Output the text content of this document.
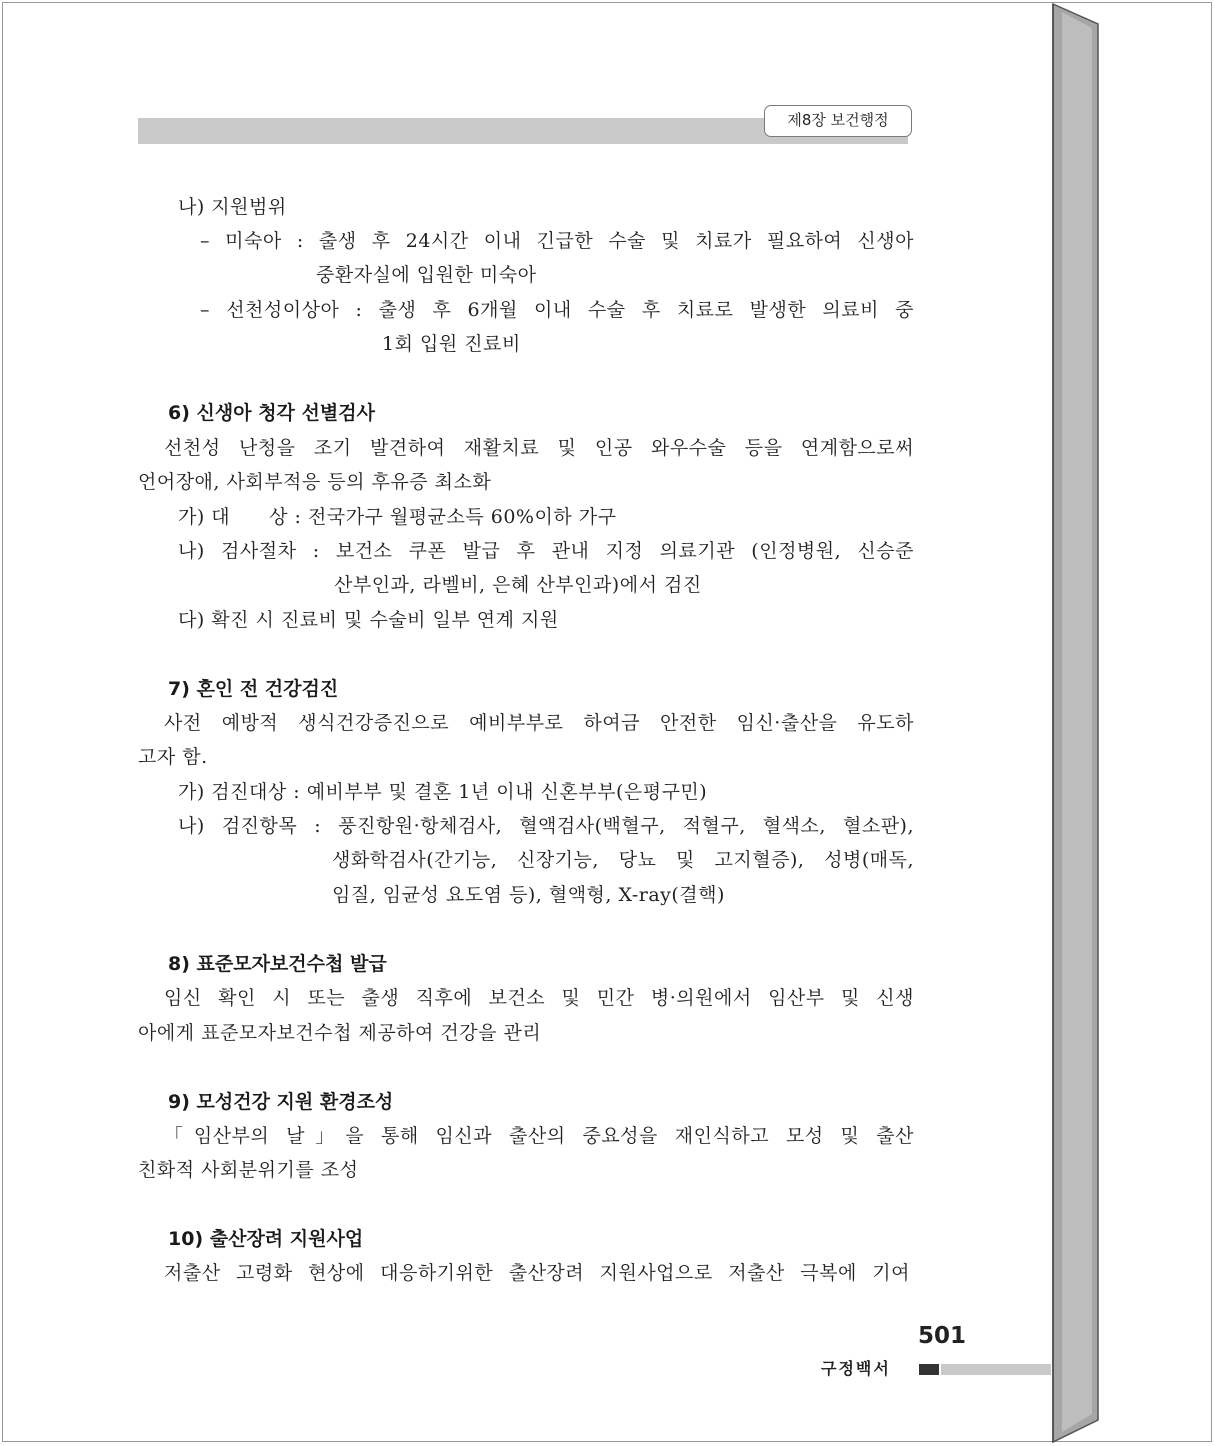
제8장 보건행정
나) 지원범위
– 미숙아 : 출생 후 24시간 이내 긴급한 수술 및 치료가 필요하여 신생아
중환자실에 입원한 미숙아
– 선천성이상아 : 출생 후 6개월 이내 수술 후 치료로 발생한 의료비 중
1회 입원 진료비
6) 신생아 청각 선별검사
선천성 난청을 조기 발견하여 재활치료 및 인공 와우수술 등을 연계함으로써
언어장애, 사회부적응 등의 후유증 최소화
가) 대　　상 : 전국가구 월평균소득 60%이하 가구
나) 검사절차 : 보건소 쿠폰 발급 후 관내 지정 의료기관 (인정병원, 신승준
산부인과, 라벨비, 은혜 산부인과)에서 검진
다) 확진 시 진료비 및 수술비 일부 연계 지원
7) 혼인 전 건강검진
사전 예방적 생식건강증진으로 예비부부로 하여금 안전한 임신·출산을 유도하
고자 함.
가) 검진대상 : 예비부부 및 결혼 1년 이내 신혼부부(은평구민)
나) 검진항목 : 풍진항원·항체검사, 혈액검사(백혈구, 적혈구, 혈색소, 혈소판),
생화학검사(간기능, 신장기능, 당뇨 및 고지혈증), 성병(매독,
임질, 임균성 요도염 등), 혈액형, X-ray(결핵)
8) 표준모자보건수첩 발급
임신 확인 시 또는 출생 직후에 보건소 및 민간 병·의원에서 임산부 및 신생
아에게 표준모자보건수첩 제공하여 건강을 관리
9) 모성건강 지원 환경조성
「임산부의 날」을 통해 임신과 출산의 중요성을 재인식하고 모성 및 출산
친화적 사회분위기를 조성
10) 출산장려 지원사업
저출산 고령화 현상에 대응하기위한 출산장려 지원사업으로 저출산 극복에 기여
501
구정백서
